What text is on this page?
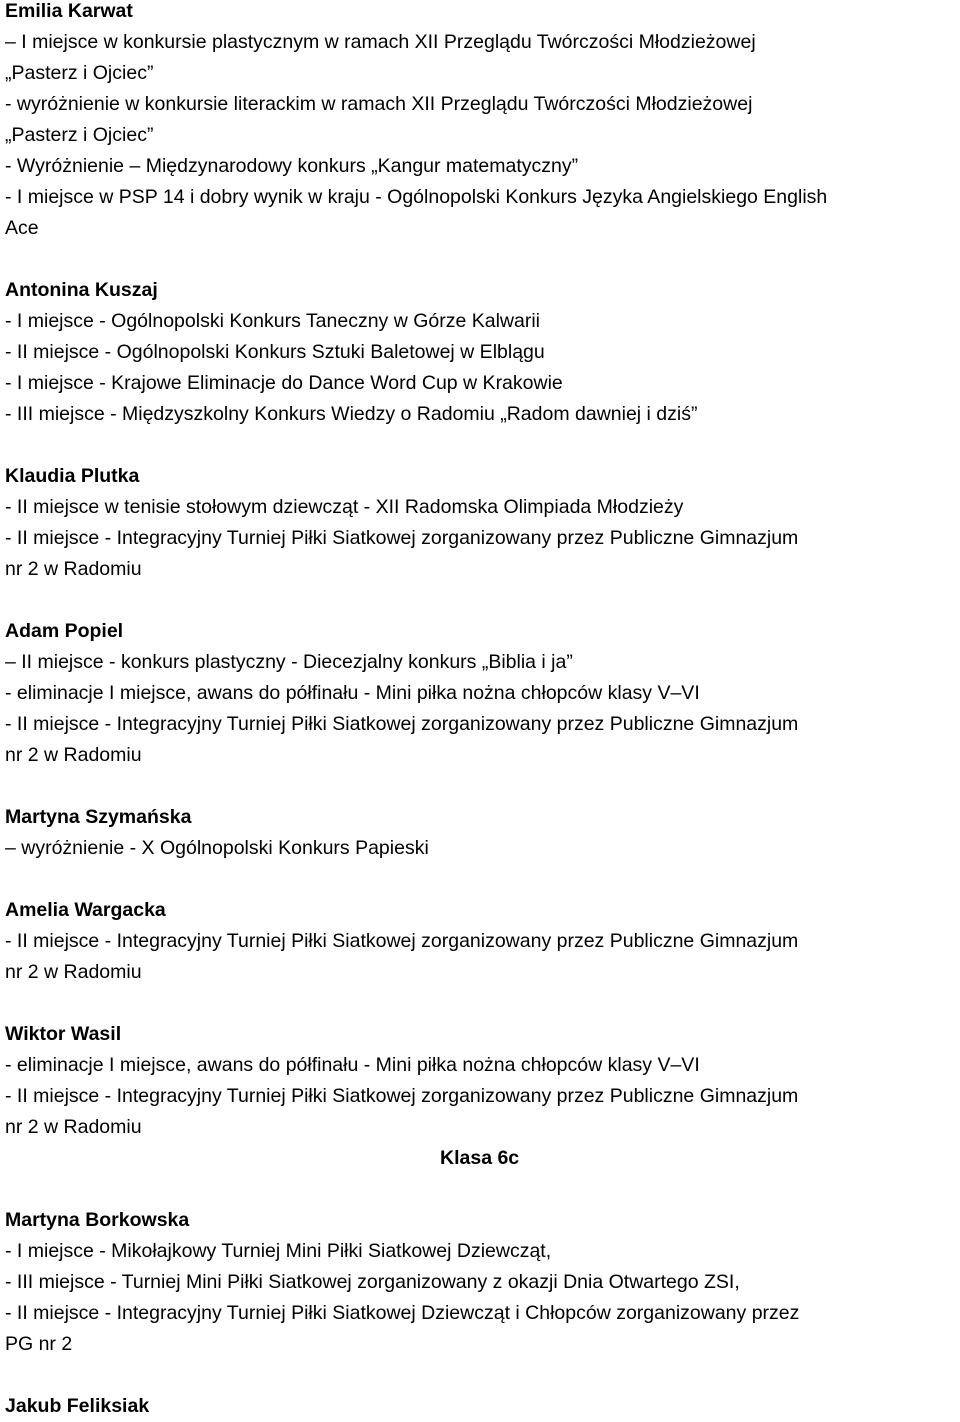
Emilia Karwat
– I miejsce w konkursie plastycznym w ramach XII Przeglądu Twórczości Młodzieżowej
„Pasterz i Ojciec”
- wyróżnienie w konkursie literackim w ramach XII Przeglądu Twórczości Młodzieżowej
„Pasterz i Ojciec”
- Wyróżnienie – Międzynarodowy konkurs „Kangur matematyczny”
- I miejsce w PSP 14 i dobry wynik w kraju - Ogólnopolski Konkurs Języka Angielskiego English
Ace
Antonina Kuszaj
- I miejsce - Ogólnopolski Konkurs Taneczny w Górze Kalwarii
- II miejsce - Ogólnopolski Konkurs Sztuki Baletowej w Elblągu
- I miejsce - Krajowe Eliminacje do Dance Word Cup w Krakowie
- III miejsce - Międzyszkolny Konkurs Wiedzy o Radomiu „Radom dawniej i dziś”
Klaudia Plutka
- II miejsce w tenisie stołowym dziewcząt - XII Radomska Olimpiada Młodzieży
- II miejsce - Integracyjny Turniej Piłki Siatkowej zorganizowany przez Publiczne Gimnazjum
nr 2 w Radomiu
Adam Popiel
– II miejsce - konkurs plastyczny - Diecezjalny konkurs „Biblia i ja”
- eliminacje I miejsce, awans do półfinału - Mini piłka nożna chłopców klasy V–VI
- II miejsce - Integracyjny Turniej Piłki Siatkowej zorganizowany przez Publiczne Gimnazjum
nr 2 w Radomiu
Martyna Szymańska
– wyróżnienie - X Ogólnopolski Konkurs Papieski
Amelia Wargacka
- II miejsce - Integracyjny Turniej Piłki Siatkowej zorganizowany przez Publiczne Gimnazjum
nr 2 w Radomiu
Wiktor Wasil
- eliminacje I miejsce, awans do półfinału - Mini piłka nożna chłopców klasy V–VI
- II miejsce - Integracyjny Turniej Piłki Siatkowej zorganizowany przez Publiczne Gimnazjum
nr 2 w Radomiu
Klasa 6c
Martyna Borkowska
- I miejsce - Mikołajkowy Turniej Mini Piłki Siatkowej Dziewcząt,
- III miejsce - Turniej Mini Piłki Siatkowej zorganizowany z okazji Dnia Otwartego ZSI,
- II miejsce - Integracyjny Turniej Piłki Siatkowej Dziewcząt i Chłopców zorganizowany przez
PG nr 2
Jakub Feliksiak
